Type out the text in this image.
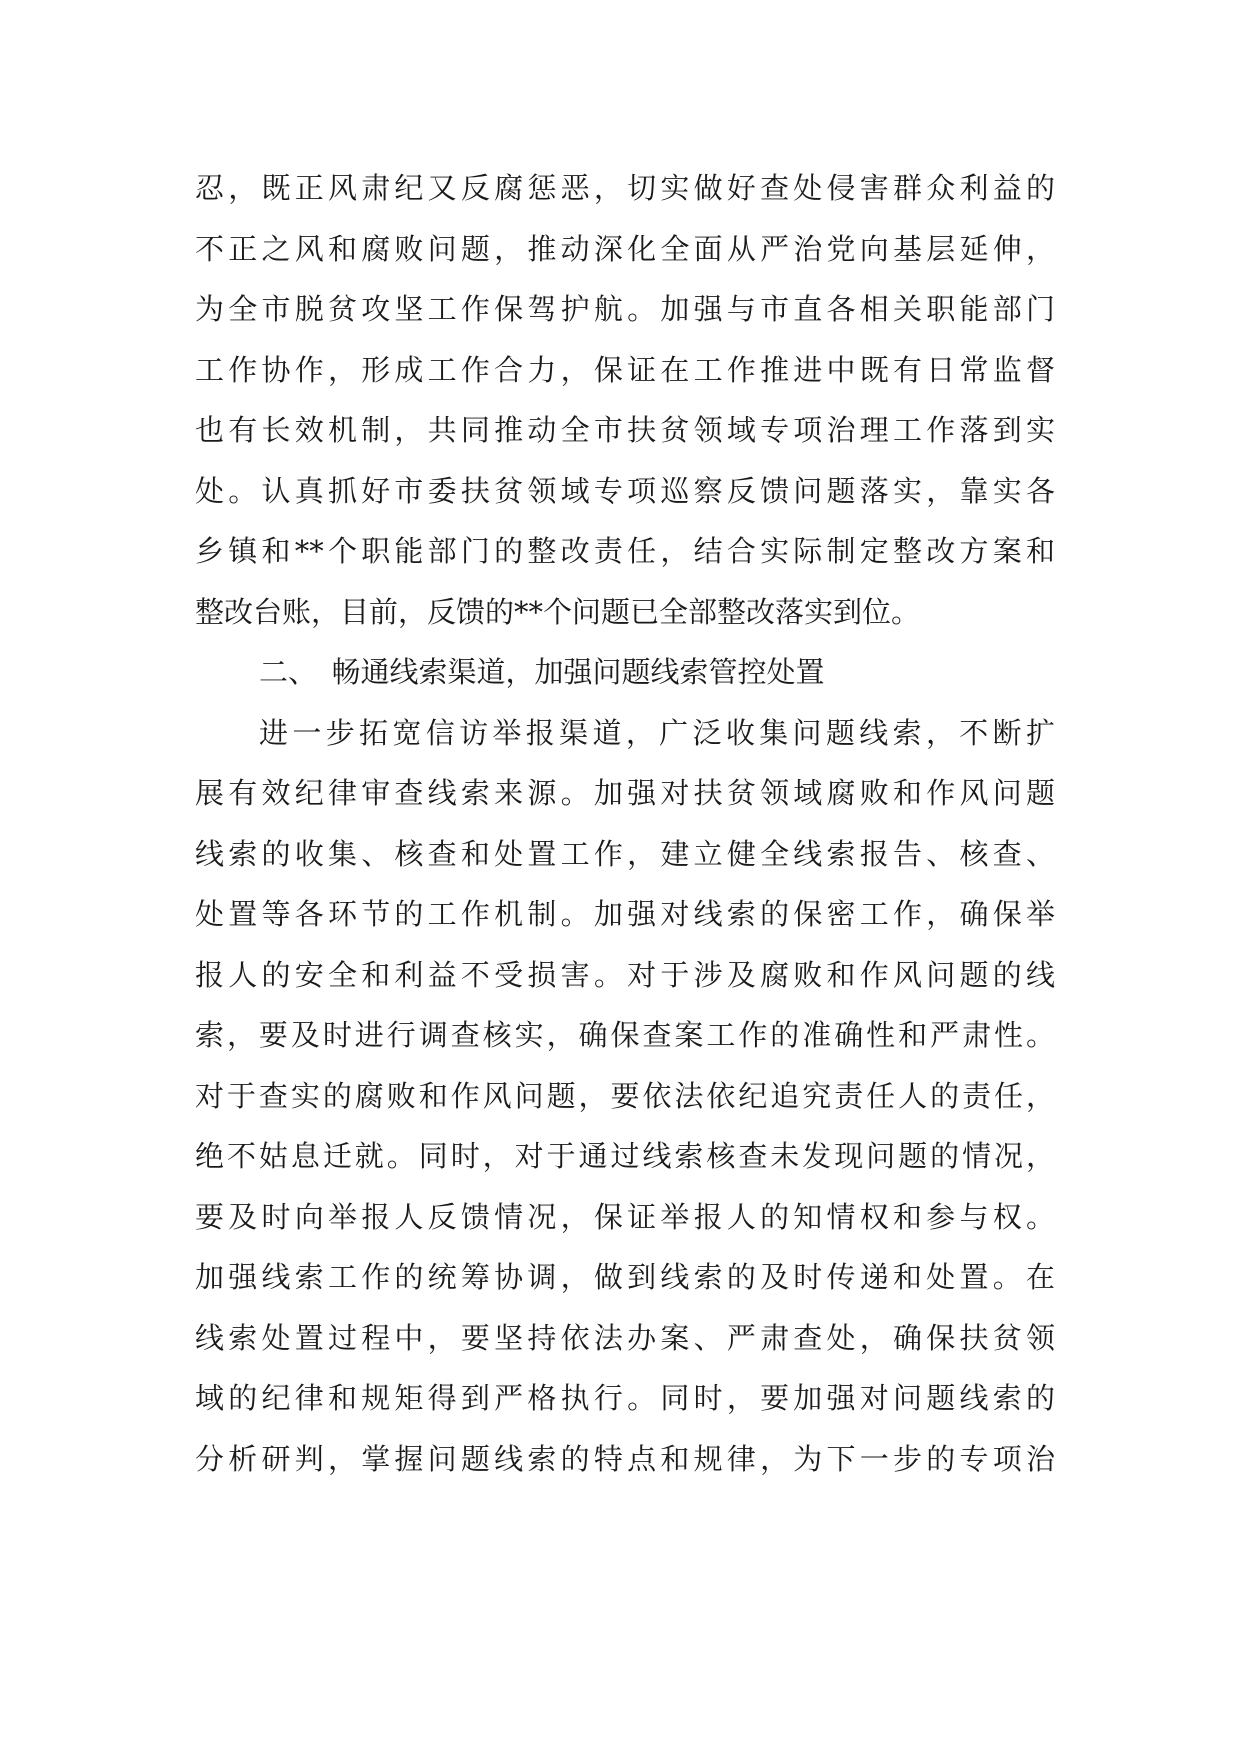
忍，既正风肃纪又反腐惩恶，切实做好查处侵害群众利益的
不正之风和腐败问题，推动深化全面从严治党向基层延伸，
为全市脱贫攻坚工作保驾护航。加强与市直各相关职能部门
工作协作，形成工作合力，保证在工作推进中既有日常监督
也有长效机制，共同推动全市扶贫领域专项治理工作落到实
处。认真抓好市委扶贫领域专项巡察反馈问题落实，靠实各
乡镇和**个职能部门的整改责任，结合实际制定整改方案和
整改台账，目前，反馈的**个问题已全部整改落实到位。
二、　畅通线索渠道，加强问题线索管控处置
进一步拓宽信访举报渠道，广泛收集问题线索，不断扩
展有效纪律审查线索来源。加强对扶贫领域腐败和作风问题
线索的收集、核查和处置工作，建立健全线索报告、核查、
处置等各环节的工作机制。加强对线索的保密工作，确保举
报人的安全和利益不受损害。对于涉及腐败和作风问题的线
索，要及时进行调查核实，确保查案工作的准确性和严肃性。
对于查实的腐败和作风问题，要依法依纪追究责任人的责任，
绝不姑息迁就。同时，对于通过线索核查未发现问题的情况，
要及时向举报人反馈情况，保证举报人的知情权和参与权。
加强线索工作的统筹协调，做到线索的及时传递和处置。在
线索处置过程中，要坚持依法办案、严肃查处，确保扶贫领
域的纪律和规矩得到严格执行。同时，要加强对问题线索的
分析研判，掌握问题线索的特点和规律，为下一步的专项治
